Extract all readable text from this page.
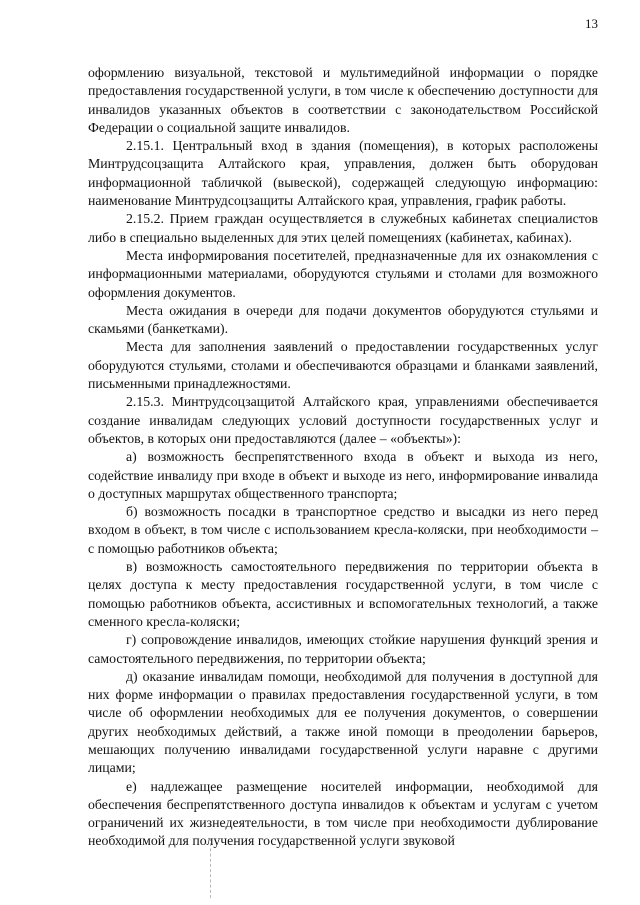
13

оформлению визуальной, текстовой и мультимедийной информации о порядке предоставления государственной услуги, в том числе к обеспечению доступности для инвалидов указанных объектов в соответствии с законодательством Российской Федерации о социальной защите инвалидов.

2.15.1. Центральный вход в здания (помещения), в которых расположены Минтрудсоцзащита Алтайского края, управления, должен быть оборудован информационной табличкой (вывеской), содержащей следующую информацию: наименование Минтрудсоцзащиты Алтайского края, управления, график работы.

2.15.2. Прием граждан осуществляется в служебных кабинетах специалистов либо в специально выделенных для этих целей помещениях (кабинетах, кабинах).

Места информирования посетителей, предназначенные для их ознакомления с информационными материалами, оборудуются стульями и столами для возможного оформления документов.

Места ожидания в очереди для подачи документов оборудуются стульями и скамьями (банкетками).

Места для заполнения заявлений о предоставлении государственных услуг оборудуются стульями, столами и обеспечиваются образцами и бланками заявлений, письменными принадлежностями.

2.15.3. Минтрудсоцзащитой Алтайского края, управлениями обеспечивается создание инвалидам следующих условий доступности государственных услуг и объектов, в которых они предоставляются (далее – «объекты»):

а) возможность беспрепятственного входа в объект и выхода из него, содействие инвалиду при входе в объект и выходе из него, информирование инвалида о доступных маршрутах общественного транспорта;

б) возможность посадки в транспортное средство и высадки из него перед входом в объект, в том числе с использованием кресла-коляски, при необходимости – с помощью работников объекта;

в) возможность самостоятельного передвижения по территории объекта в целях доступа к месту предоставления государственной услуги, в том числе с помощью работников объекта, ассистивных и вспомогательных технологий, а также сменного кресла-коляски;

г) сопровождение инвалидов, имеющих стойкие нарушения функций зрения и самостоятельного передвижения, по территории объекта;

д) оказание инвалидам помощи, необходимой для получения в доступной для них форме информации о правилах предоставления государственной услуги, в том числе об оформлении необходимых для ее получения документов, о совершении других необходимых действий, а также иной помощи в преодолении барьеров, мешающих получению инвалидами государственной услуги наравне с другими лицами;

е) надлежащее размещение носителей информации, необходимой для обеспечения беспрепятственного доступа инвалидов к объектам и услугам с учетом ограничений их жизнедеятельности, в том числе при необходимости дублирование необходимой для получения государственной услуги звуковой
